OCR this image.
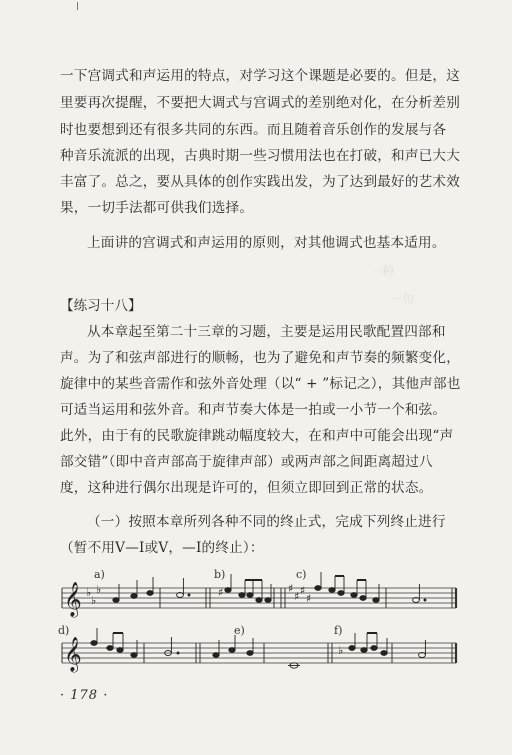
一种
一句
一下宫调式和声运用的特点，对学习这个课题是必要的。但是，这
里要再次提醒，不要把大调式与宫调式的差别绝对化，在分析差别
时也要想到还有很多共同的东西。而且随着音乐创作的发展与各
种音乐流派的出现，古典时期一些习惯用法也在打破，和声已大大
丰富了。总之，要从具体的创作实践出发，为了达到最好的艺术效
果，一切手法都可供我们选择。
上面讲的宫调式和声运用的原则，对其他调式也基本适用。
【练习十八】
从本章起至第二十三章的习题，主要是运用民歌配置四部和
声。为了和弦声部进行的顺畅，也为了避免和声节奏的频繁变化，
旋律中的某些音需作和弦外音处理（以“ + ”标记之），其他声部也
可适当运用和弦外音。和声节奏大体是一拍或一小节一个和弦。
此外，由于有的民歌旋律跳动幅度较大，在和声中可能会出现“声
部交错”（即中音声部高于旋律声部）或两声部之间距离超过八
度，这种进行偶尔出现是许可的，但须立即回到正常的状态。
（一）按照本章所列各种不同的终止式，完成下列终止进行
（暂不用Ⅴ—Ⅰ或Ⅴ，—Ⅰ的终止）：
a)	b)	c)
d)	e)	f)
𝄞
𝄞
♭
♭
♭	♯	♯
♯ ♯
♯
♭
· 178 ·
